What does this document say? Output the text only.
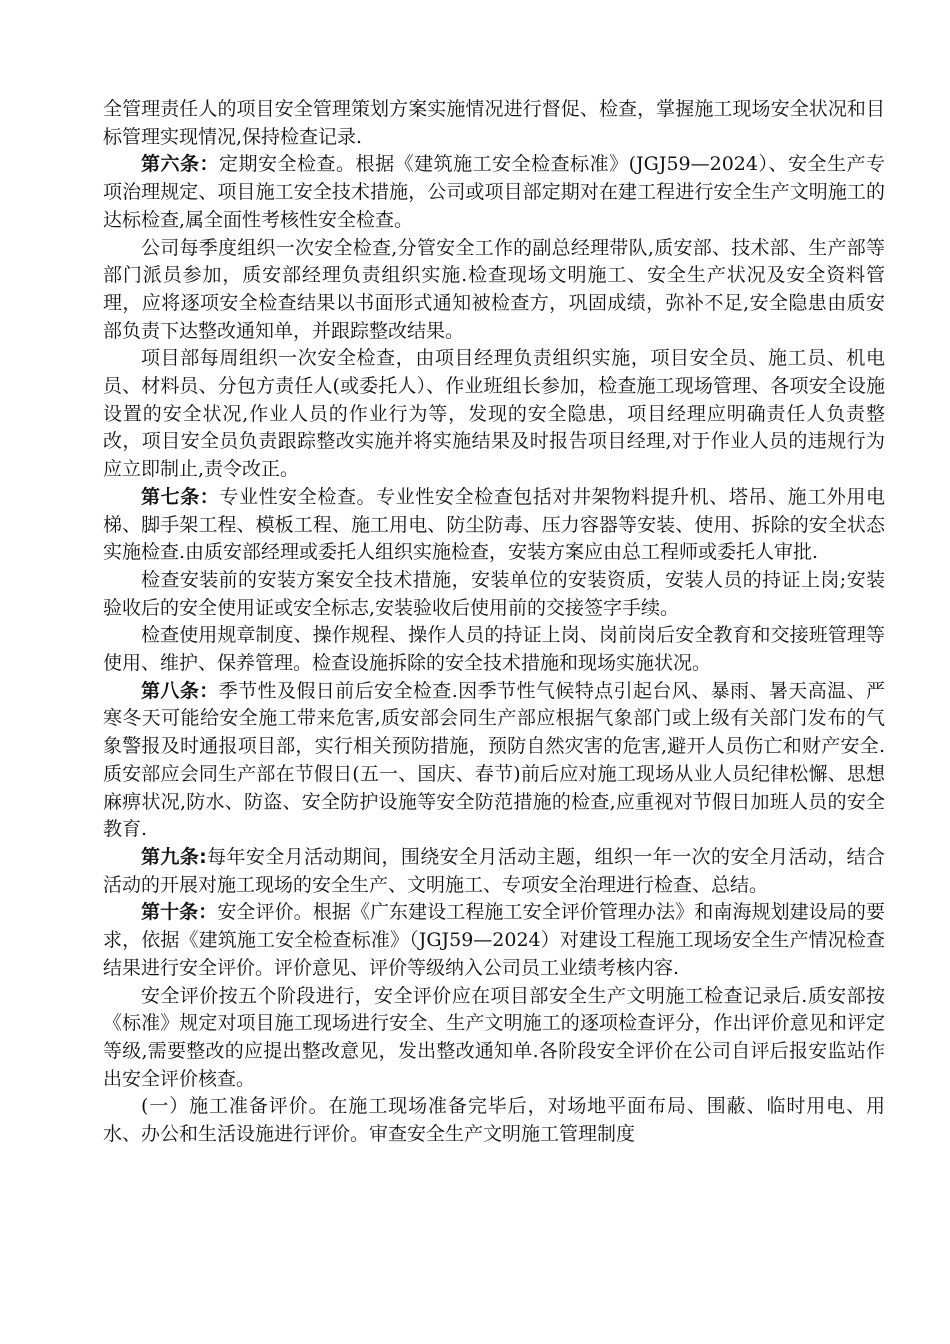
全管理责任人的项目安全管理策划方案实施情况进行督促、检查，掌握施工现场安全状况和目标管理实现情况,保持检查记录.

第六条：定期安全检查。根据《建筑施工安全检查标准》(JGJ59—2024）、安全生产专项治理规定、项目施工安全技术措施，公司或项目部定期对在建工程进行安全生产文明施工的达标检查,属全面性考核性安全检查。

公司每季度组织一次安全检查,分管安全工作的副总经理带队,质安部、技术部、生产部等部门派员参加，质安部经理负责组织实施.检查现场文明施工、安全生产状况及安全资料管理，应将逐项安全检查结果以书面形式通知被检查方，巩固成绩，弥补不足,安全隐患由质安部负责下达整改通知单，并跟踪整改结果。

项目部每周组织一次安全检查，由项目经理负责组织实施，项目安全员、施工员、机电员、材料员、分包方责任人(或委托人）、作业班组长参加，检查施工现场管理、各项安全设施设置的安全状况,作业人员的作业行为等，发现的安全隐患，项目经理应明确责任人负责整改，项目安全员负责跟踪整改实施并将实施结果及时报告项目经理,对于作业人员的违规行为应立即制止,责令改正。

第七条：专业性安全检查。专业性安全检查包括对井架物料提升机、塔吊、施工外用电梯、脚手架工程、模板工程、施工用电、防尘防毒、压力容器等安装、使用、拆除的安全状态实施检查.由质安部经理或委托人组织实施检查，安装方案应由总工程师或委托人审批.

检查安装前的安装方案安全技术措施，安装单位的安装资质，安装人员的持证上岗;安装验收后的安全使用证或安全标志,安装验收后使用前的交接签字手续。

检查使用规章制度、操作规程、操作人员的持证上岗、岗前岗后安全教育和交接班管理等使用、维护、保养管理。检查设施拆除的安全技术措施和现场实施状况。

第八条：季节性及假日前后安全检查.因季节性气候特点引起台风、暴雨、暑天高温、严寒冬天可能给安全施工带来危害,质安部会同生产部应根据气象部门或上级有关部门发布的气象警报及时通报项目部，实行相关预防措施，预防自然灾害的危害,避开人员伤亡和财产安全.质安部应会同生产部在节假日(五一、国庆、春节)前后应对施工现场从业人员纪律松懈、思想麻痹状况,防水、防盗、安全防护设施等安全防范措施的检查,应重视对节假日加班人员的安全教育.

第九条:每年安全月活动期间，围绕安全月活动主题，组织一年一次的安全月活动，结合活动的开展对施工现场的安全生产、文明施工、专项安全治理进行检查、总结。

第十条：安全评价。根据《广东建设工程施工安全评价管理办法》和南海规划建设局的要求，依据《建筑施工安全检查标准》（JGJ59—2024）对建设工程施工现场安全生产情况检查结果进行安全评价。评价意见、评价等级纳入公司员工业绩考核内容.

安全评价按五个阶段进行，安全评价应在项目部安全生产文明施工检查记录后.质安部按《标准》规定对项目施工现场进行安全、生产文明施工的逐项检查评分，作出评价意见和评定等级,需要整改的应提出整改意见，发出整改通知单.各阶段安全评价在公司自评后报安监站作出安全评价核查。

(一）施工准备评价。在施工现场准备完毕后，对场地平面布局、围蔽、临时用电、用水、办公和生活设施进行评价。审查安全生产文明施工管理制度
